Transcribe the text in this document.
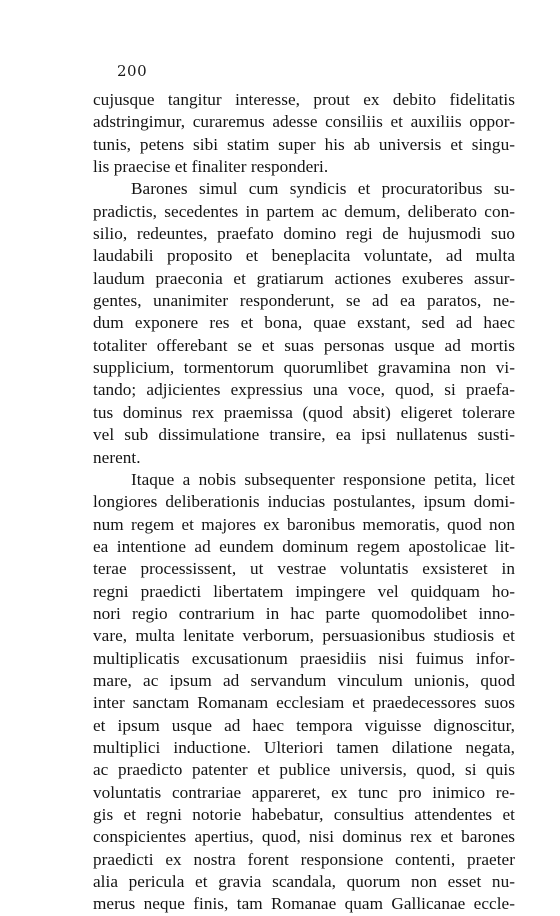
200
cujusque tangitur interesse, prout ex debito fidelitatis
adstringimur, curaremus adesse consiliis et auxiliis oppor-
tunis, petens sibi statim super his ab universis et singu-
lis praecise et finaliter responderi.
Barones simul cum syndicis et procuratoribus su-
pradictis, secedentes in partem ac demum, deliberato con-
silio, redeuntes, praefato domino regi de hujusmodi suo
laudabili proposito et beneplacita voluntate, ad multa
laudum praeconia et gratiarum actiones exuberes assur-
gentes, unanimiter responderunt, se ad ea paratos, ne-
dum exponere res et bona, quae exstant, sed ad haec
totaliter offerebant se et suas personas usque ad mortis
supplicium, tormentorum quorumlibet gravamina non vi-
tando; adjicientes expressius una voce, quod, si praefa-
tus dominus rex praemissa (quod absit) eligeret tolerare
vel sub dissimulatione transire, ea ipsi nullatenus susti-
nerent.
Itaque a nobis subsequenter responsione petita, licet
longiores deliberationis inducias postulantes, ipsum domi-
num regem et majores ex baronibus memoratis, quod non
ea intentione ad eundem dominum regem apostolicae lit-
terae processissent, ut vestrae voluntatis exsisteret in
regni praedicti libertatem impingere vel quidquam ho-
nori regio contrarium in hac parte quomodolibet inno-
vare, multa lenitate verborum, persuasionibus studiosis et
multiplicatis excusationum praesidiis nisi fuimus infor-
mare, ac ipsum ad servandum vinculum unionis, quod
inter sanctam Romanam ecclesiam et praedecessores suos
et ipsum usque ad haec tempora viguisse dignoscitur,
multiplici inductione. Ulteriori tamen dilatione negata,
ac praedicto patenter et publice universis, quod, si quis
voluntatis contrariae appareret, ex tunc pro inimico re-
gis et regni notorie habebatur, consultius attendentes et
conspicientes apertius, quod, nisi dominus rex et barones
praedicti ex nostra forent responsione contenti, praeter
alia pericula et gravia scandala, quorum non esset nu-
merus neque finis, tam Romanae quam Gallicanae eccle-
